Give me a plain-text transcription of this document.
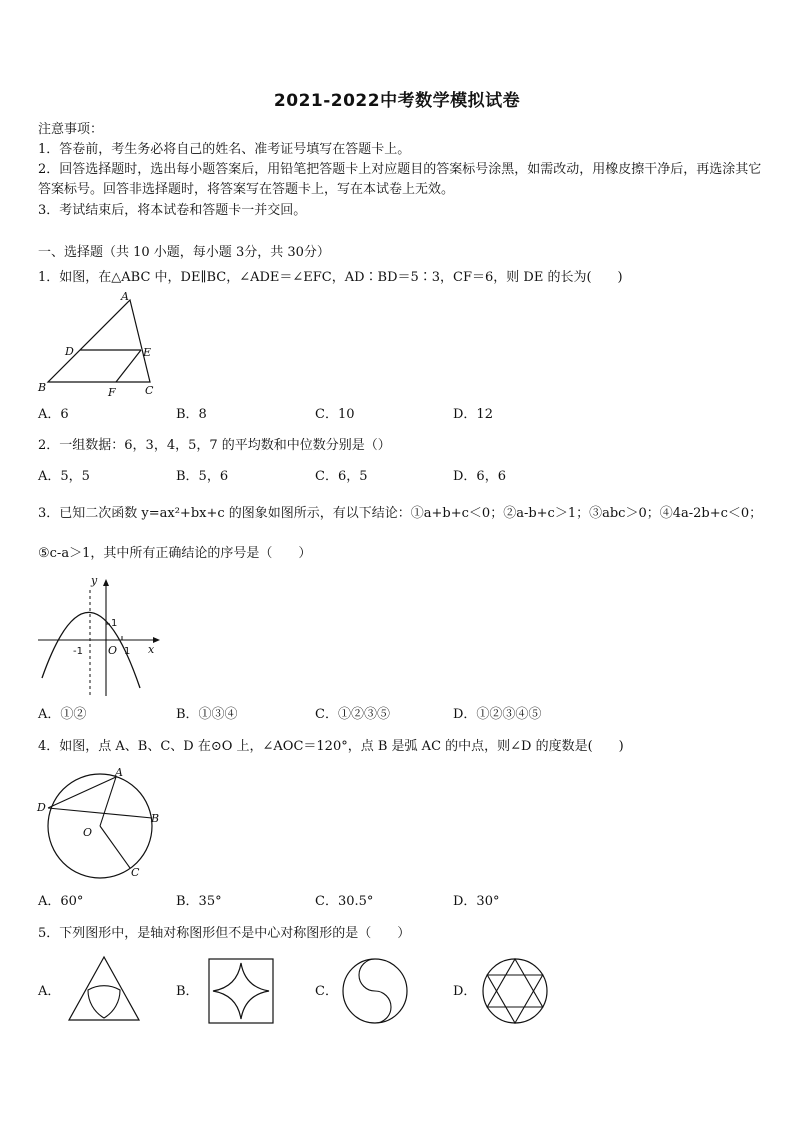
2021-2022中考数学模拟试卷
注意事项：
1．答卷前，考生务必将自己的姓名、准考证号填写在答题卡上。
2．回答选择题时，选出每小题答案后，用铅笔把答题卡上对应题目的答案标号涂黑，如需改动，用橡皮擦干净后，再选涂其它答案标号。回答非选择题时，将答案写在答题卡上，写在本试卷上无效。
3．考试结束后，将本试卷和答题卡一并交回。
一、选择题（共 10 小题，每小题 3分，共 30分）
1．如图，在△ABC 中，DE∥BC，∠ADE＝∠EFC，AD∶BD＝5∶3，CF＝6，则 DE 的长为(　　)
A
B	C
D	E
F
A．6	B．8	C．10	D．12
2．一组数据：6，3，4，5，7 的平均数和中位数分别是（）
A．5，5	B．5，6	C．6，5	D．6，6
3．已知二次函数 y=ax²+bx+c 的图象如图所示，有以下结论：①a+b+c＜0；②a-b+c＞1；③abc＞0；④4a-2b+c＜0；
⑤c-a＞1，其中所有正确结论的序号是（　　）
y
x
O
1
1
-1
A．①②	B．①③④	C．①②③⑤	D．①②③④⑤
4．如图，点 A、B、C、D 在⊙O 上，∠AOC＝120°，点 B 是弧 AC 的中点，则∠D 的度数是(　　)
A
B
C
D
O
A．60°	B．35°	C．30.5°	D．30°
5．下列图形中，是轴对称图形但不是中心对称图形的是（　　）
A．	B．	C．	D．
